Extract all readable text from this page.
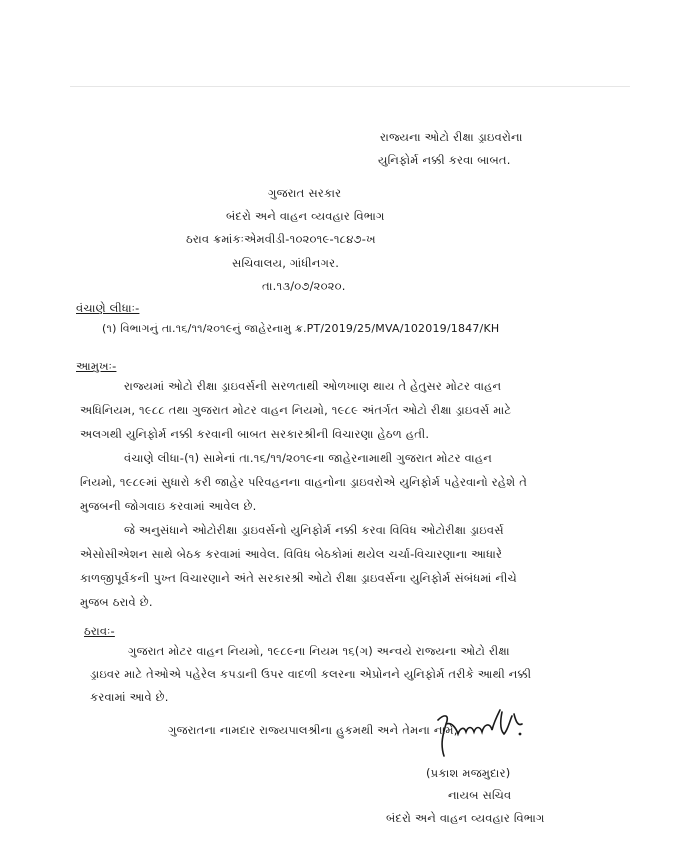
રાજ્યના ઓટો રીક્ષા ડ્રાઇવરોના
યુનિફોર્મ નક્કી કરવા બાબત.
ગુજરાત સરકાર
બંદરો અને વાહન વ્યવહાર વિભાગ
ઠરાવ ક્રમાંકઃએમવીડી-૧૦૨૦૧૯-૧૮૪૭-ખ
સચિવાલય, ગાંધીનગર.
તા.૧૩/૦૭/૨૦૨૦.
વંચાણે લીધાઃ-
(૧) વિભાગનું તા.૧૬/૧૧/૨૦૧૯નું જાહેરનામુ ક્ર.PT/2019/25/MVA/102019/1847/KH
આમુખઃ-
રાજ્યમાં ઓટો રીક્ષા ડ્રાઇવર્સની સરળતાથી ઓળખાણ થાય તે હેતુસર મોટર વાહન
અધિનિયમ, ૧૯૮૮ તથા ગુજરાત મોટર વાહન નિયમો, ૧૯૮૯ અંતર્ગત ઓટો રીક્ષા ડ્રાઇવર્સ માટે
અલગથી યુનિફોર્મ નક્કી કરવાની બાબત સરકારશ્રીની વિચારણા હેઠળ હતી.
વંચાણે લીધા-(૧) સામેનાં તા.૧૬/૧૧/૨૦૧૯ના જાહેરનામાથી ગુજરાત મોટર વાહન
નિયમો, ૧૯૮૯માં સુધારો કરી જાહેર પરિવહનના વાહનોના ડ્રાઇવરોએ યુનિફોર્મ પહેરવાનો રહેશે તે
મુજબની જોગવાઇ કરવામાં આવેલ છે.
જે અનુસંધાને ઓટોરીક્ષા ડ્રાઇવર્સનો યુનિફોર્મ નક્કી કરવા વિવિધ ઓટોરીક્ષા ડ્રાઇવર્સ
એસોસીએશન સાથે બેઠક કરવામાં આવેલ. વિવિધ બેઠકોમાં થયેલ ચર્ચા-વિચારણાના આધારે
કાળજીપૂર્વકની પુખ્ત વિચારણાને અંતે સરકારશ્રી ઓટો રીક્ષા ડ્રાઇવર્સના યુનિફોર્મ સંબંધમાં નીચે
મુજબ ઠરાવે છે.
ઠરાવઃ-
ગુજરાત મોટર વાહન નિયમો, ૧૯૮૯ના નિયમ ૧૬(ગ) અન્વયે રાજ્યના ઓટો રીક્ષા
ડ્રાઇવર માટે તેઓએ પહેરેલ કપડાની ઉપર વાદળી કલરના એપ્રોનને યુનિફોર્મ તરીકે આથી નક્કી
કરવામાં આવે છે.
ગુજરાતના નામદાર રાજ્યપાલશ્રીના હુકમથી અને તેમના નામે,
(પ્રકાશ મજમુદાર)
નાયબ સચિવ
બંદરો અને વાહન વ્યવહાર વિભાગ
